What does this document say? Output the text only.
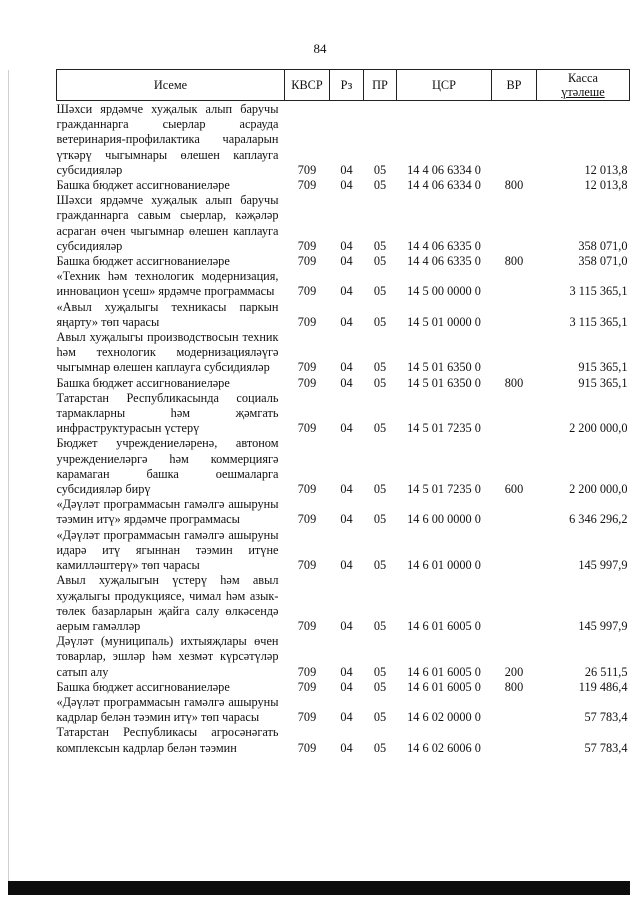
84
Исеме	КВСР	Рз	ПР	ЦСР	ВР	Касса
үтәлеше

Шәхси ярдәмче хуҗалык алып баручы гражданнарга сыерлар асрауда ветеринария-профилактика чараларын үткәрү чыгымнары өлешен каплауга субсидияләр	709	04	05	14 4 06 6334 0		12 013,8
Башка бюджет ассигнованиеләре	709	04	05	14 4 06 6334 0	800	12 013,8
Шәхси ярдәмче хуҗалык алып баручы гражданнарга савым сыерлар, кәҗәләр асраган өчен чыгымнар өлешен каплауга субсидияләр	709	04	05	14 4 06 6335 0		358 071,0
Башка бюджет ассигнованиеләре	709	04	05	14 4 06 6335 0	800	358 071,0
«Техник һәм технологик модернизация, инновацион үсеш» ярдәмче программасы	709	04	05	14 5 00 0000 0		3 115 365,1
«Авыл хуҗалыгы техникасы паркын яңарту» төп чарасы	709	04	05	14 5 01 0000 0		3 115 365,1
Авыл хуҗалыгы производствосын техник һәм технологик модернизацияләүгә чыгымнар өлешен каплауга субсидияләр	709	04	05	14 5 01 6350 0		915 365,1
Башка бюджет ассигнованиеләре	709	04	05	14 5 01 6350 0	800	915 365,1
Татарстан Республикасында социаль тармакларны һәм җәмгать инфраструктурасын үстерү	709	04	05	14 5 01 7235 0		2 200 000,0
Бюджет учреждениеләренә, автоном учреждениеләргә һәм коммерциягә карамаган башка оешмаларга субсидияләр бирү	709	04	05	14 5 01 7235 0	600	2 200 000,0
«Дәүләт программасын гамәлгә ашыруны тәэмин итү» ярдәмче программасы	709	04	05	14 6 00 0000 0		6 346 296,2
«Дәүләт программасын гамәлгә ашыруны идарә итү ягыннан тәэмин итүне камилләштерү» төп чарасы	709	04	05	14 6 01 0000 0		145 997,9
Авыл хуҗалыгын үстерү һәм авыл хуҗалыгы продукциясе, чимал һәм азык-төлек базарларын җайга салу өлкәсендә аерым гамәлләр	709	04	05	14 6 01 6005 0		145 997,9
Дәүләт (муниципаль) ихтыяҗлары өчен товарлар, эшләр һәм хезмәт күрсәтүләр сатып алу	709	04	05	14 6 01 6005 0	200	26 511,5
Башка бюджет ассигнованиеләре	709	04	05	14 6 01 6005 0	800	119 486,4
«Дәүләт программасын гамәлгә ашыруны кадрлар белән тәэмин итү» төп чарасы	709	04	05	14 6 02 0000 0		57 783,4
Татарстан Республикасы агросәнәгать комплексын кадрлар белән тәэмин	709	04	05	14 6 02 6006 0		57 783,4
